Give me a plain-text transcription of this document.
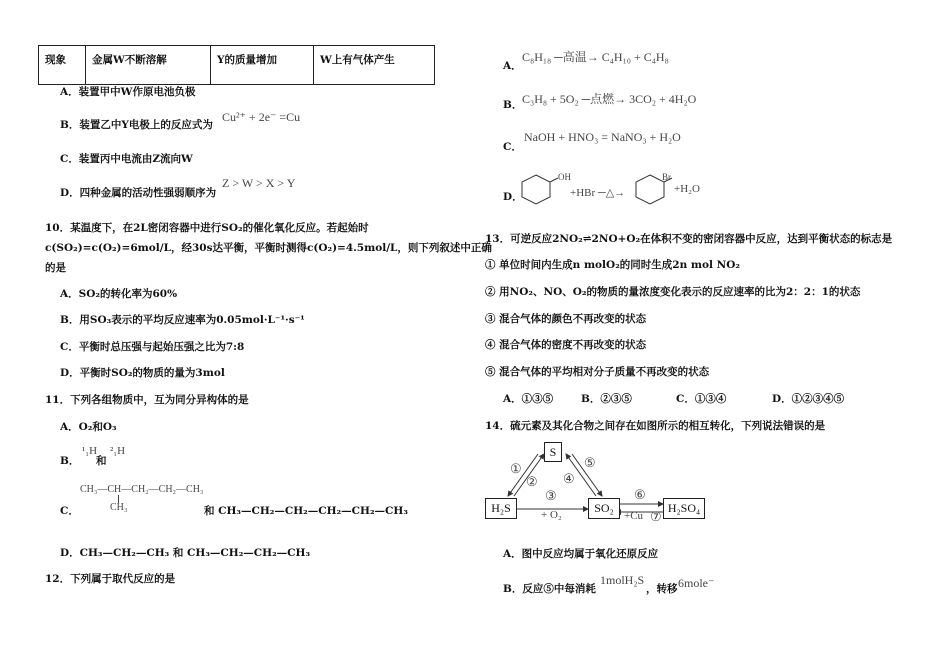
现象	金属W不断溶解	Y的质量增加	W上有气体产生
A．装置甲中W作原电池负极
B．装置乙中Y电极上的反应式为
Cu²⁺ + 2e⁻ =Cu
C．装置丙中电流由Z流向W
D．四种金属的活动性强弱顺序为
Z > W > X > Y
10．某温度下，在2L密闭容器中进行SO₂的催化氧化反应。若起始时
c(SO₂)=c(O₂)=6mol/L，经30s达平衡，平衡时测得c(O₂)=4.5mol/L，则下列叙述中正确
的是
A．SO₂的转化率为60%
B．用SO₃表示的平均反应速率为0.05mol·L⁻¹·s⁻¹
C．平衡时总压强与起始压强之比为7:8
D．平衡时SO₂的物质的量为3mol
11．下列各组物质中，互为同分异构体的是
A．O₂和O₃
B．
¹₁H
和
²₁H
C．
CH₃—CH—CH₂—CH₂—CH₃
CH₃	和 CH₃—CH₂—CH₂—CH₂—CH₂—CH₃
D．CH₃—CH₂—CH₃ 和 CH₃—CH₂—CH₂—CH₃
12．下列属于取代反应的是
A．
C₈H₁₈ ─高温→ C₄H₁₀ + C₄H₈
B． C₃H₈ + 5O₂ ─点燃→ 3CO₂ + 4H₂O
C．
NaOH + HNO₃ = NaNO₃ + H₂O
D．
OH
+HBr ─△→
Br
+H₂O
13．可逆反应2NO₂⇌2NO+O₂在体积不变的密闭容器中反应，达到平衡状态的标志是
① 单位时间内生成n molO₂的同时生成2n mol NO₂
② 用NO₂、NO、O₂的物质的量浓度变化表示的反应速率的比为2：2：1的状态
③ 混合气体的颜色不再改变的状态
④ 混合气体的密度不再改变的状态
⑤ 混合气体的平均相对分子质量不再改变的状态
A．①③⑤	B．②③⑤	C．①③④	D．①②③④⑤
14．硫元素及其化合物之间存在如图所示的相互转化，下列说法错误的是
S
H₂S	SO₂	H₂SO₄
①
②
③
④
⑤
⑥
⑦
+ O₂	+Cu
A．图中反应均属于氧化还原反应
B．反应⑤中每消耗
1molH₂S
，转移 6mole⁻
